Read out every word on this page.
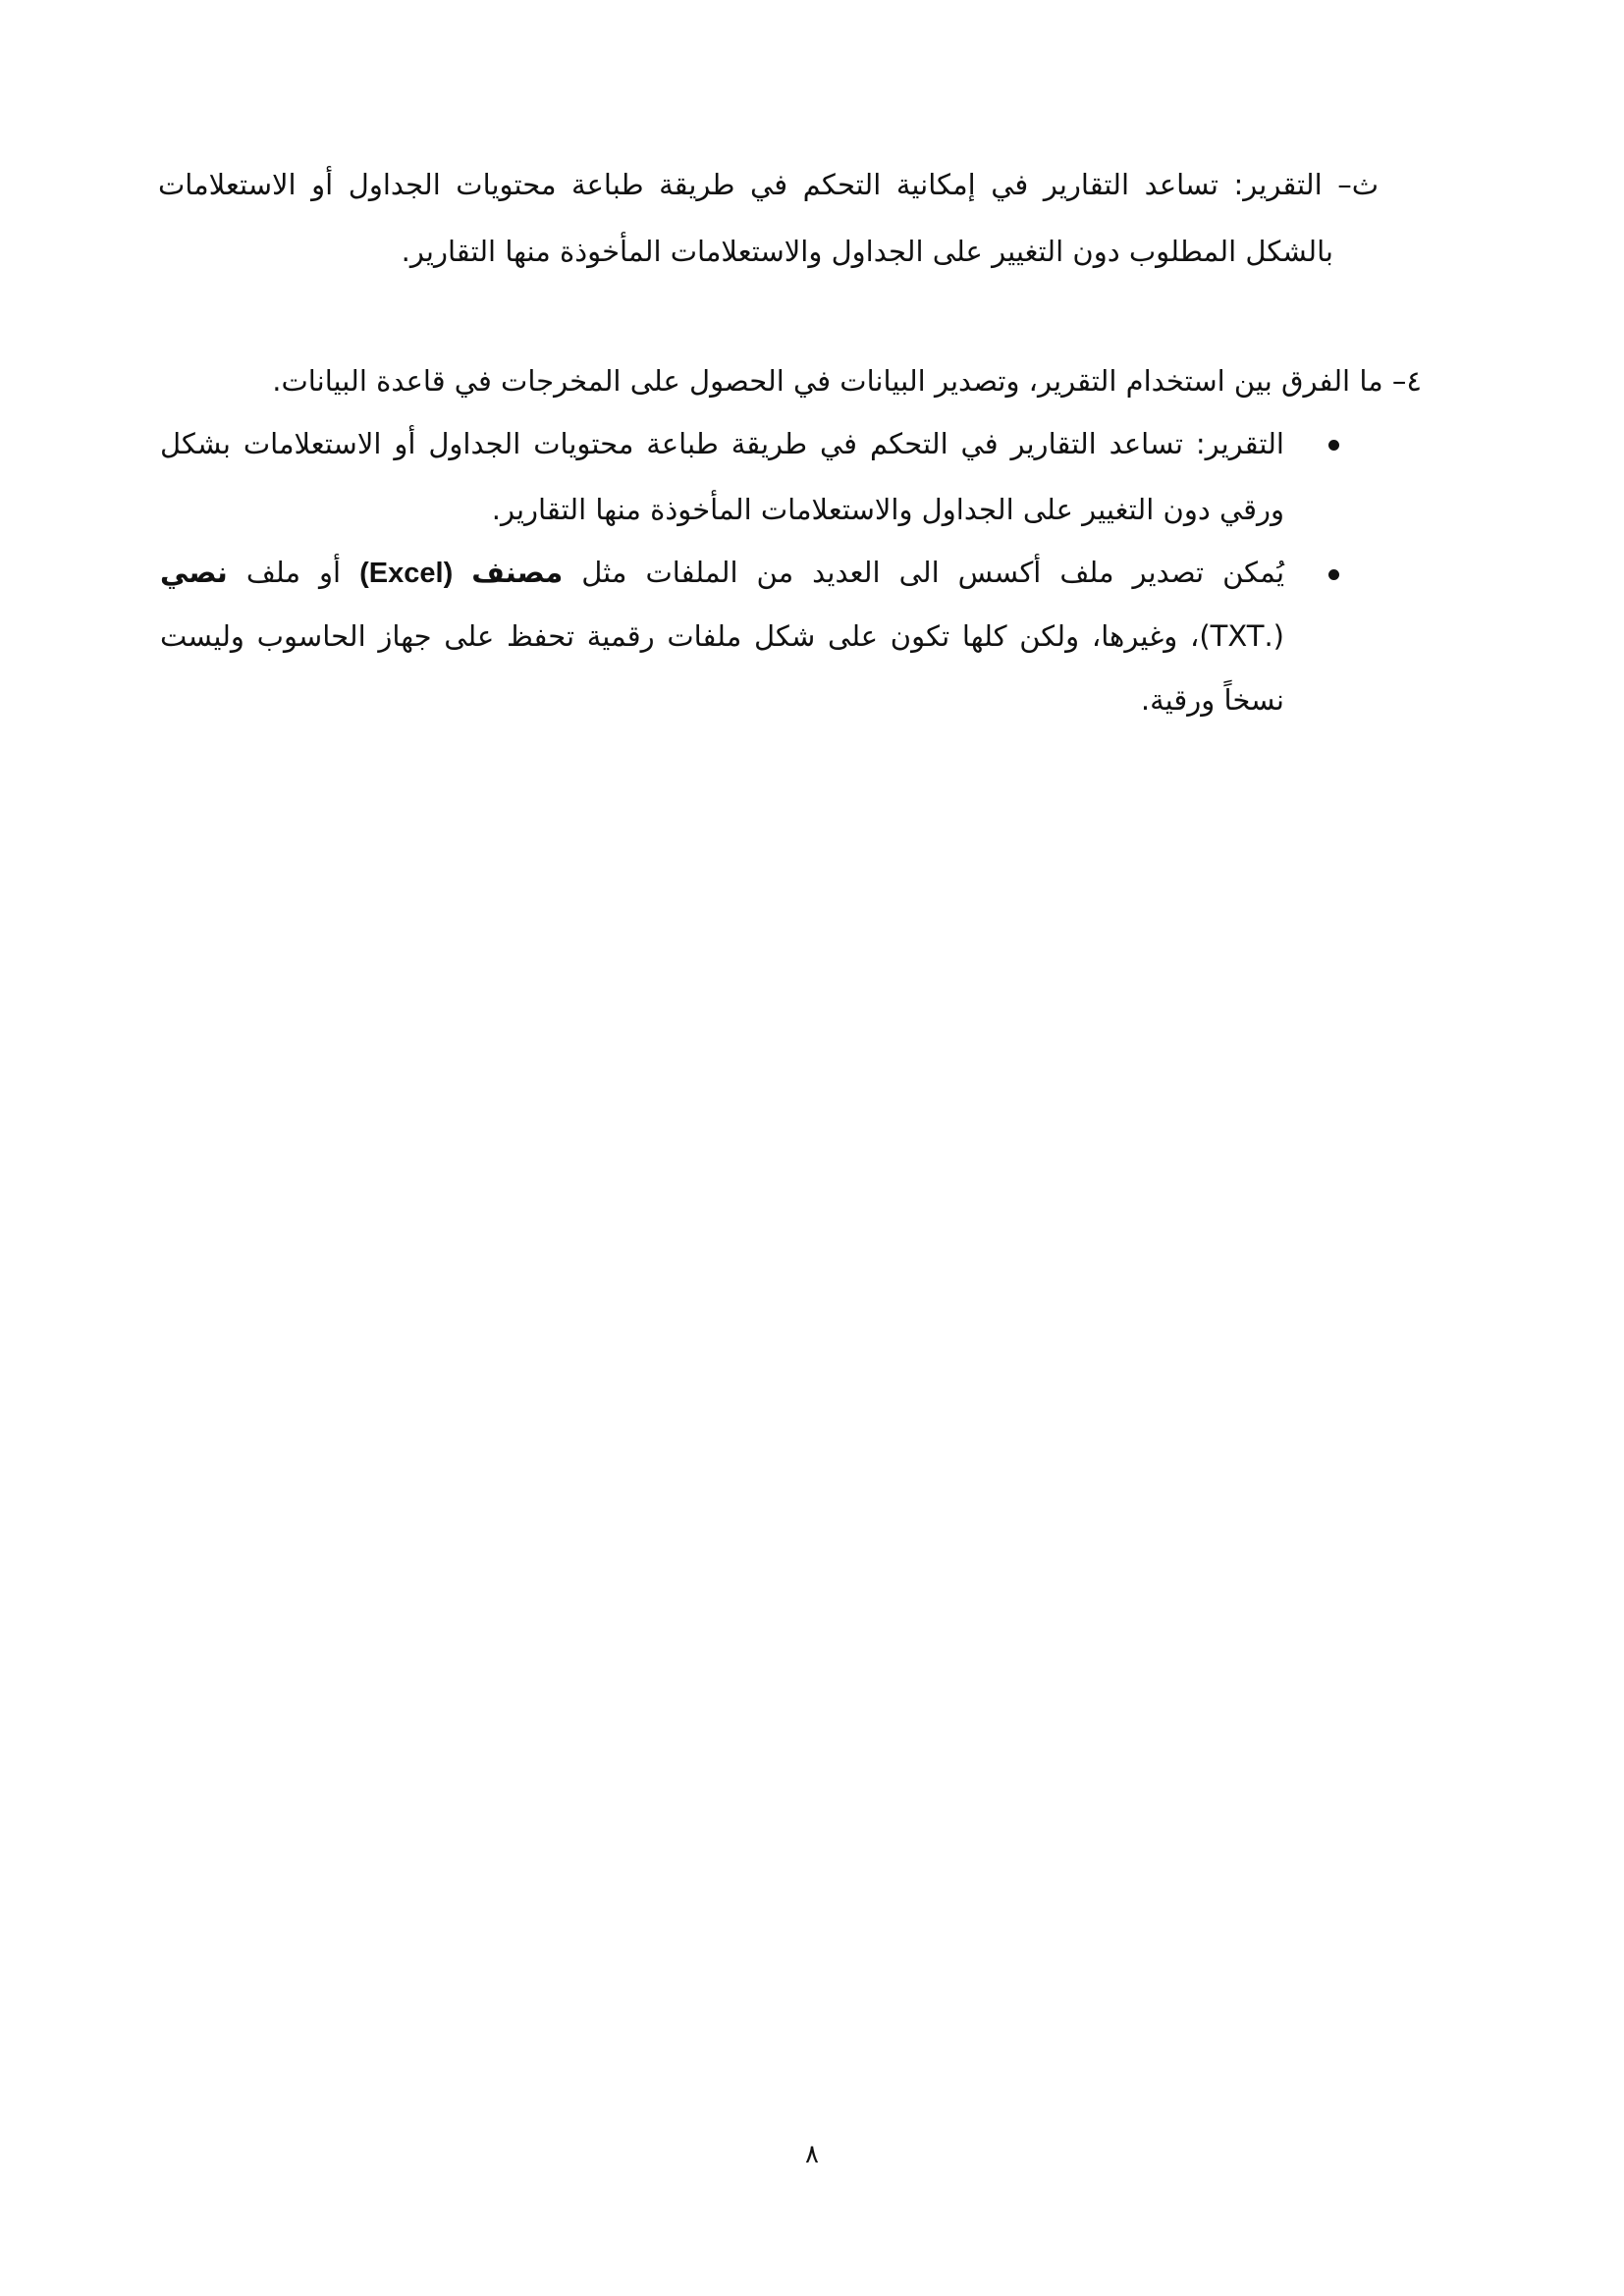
ث– التقرير: تساعد التقارير في إمكانية التحكم في طريقة طباعة محتويات الجداول أو الاستعلامات
بالشكل المطلوب دون التغيير على الجداول والاستعلامات المأخوذة منها التقارير.
٤– ما الفرق بين استخدام التقرير، وتصدير البيانات في الحصول على المخرجات في قاعدة البيانات.
التقرير: تساعد التقارير في التحكم في طريقة طباعة محتويات الجداول أو الاستعلامات بشكل
ورقي دون التغيير على الجداول والاستعلامات المأخوذة منها التقارير.
يُمكن تصدير ملف أكسس الى العديد من الملفات مثل مصنف (Excel) أو ملف نصي
(.TXT)، وغيرها، ولكن كلها تكون على شكل ملفات رقمية تحفظ على جهاز الحاسوب وليست
نسخاً ورقية.
٨
